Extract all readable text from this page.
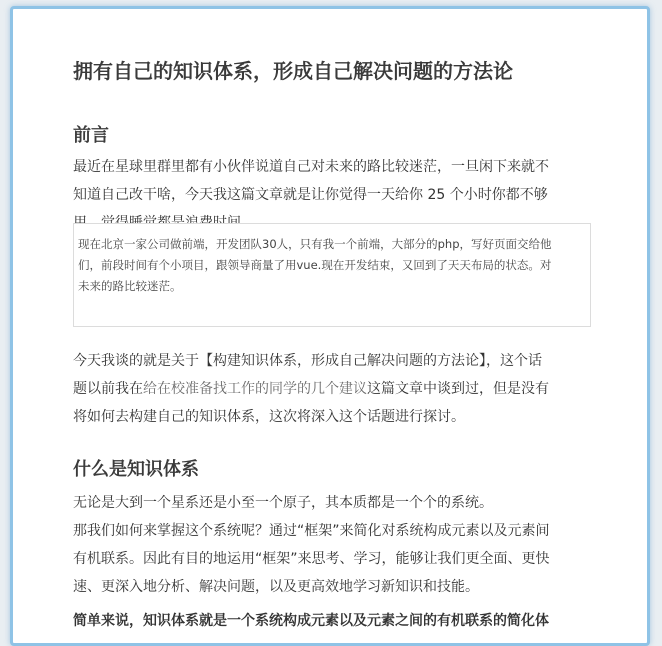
拥有自己的知识体系，形成自己解决问题的方法论
前言
最近在星球里群里都有小伙伴说道自己对未来的路比较迷茫，一旦闲下来就不
知道自己改干啥，今天我这篇文章就是让你觉得一天给你 25 个小时你都不够
现在北京一家公司做前端，开发团队30人，只有我一个前端，大部分的php，写好页面交给他
们，前段时间有个小项目，跟领导商量了用vue.现在开发结束，又回到了天天布局的状态。对
未来的路比较迷茫。
今天我谈的就是关于【构建知识体系，形成自己解决问题的方法论】，这个话
题以前我在给在校准备找工作的同学的几个建议这篇文章中谈到过，但是没有
将如何去构建自己的知识体系，这次将深入这个话题进行探讨。
什么是知识体系
无论是大到一个星系还是小至一个原子，其本质都是一个个的系统。
那我们如何来掌握这个系统呢？通过“框架”来简化对系统构成元素以及元素间
有机联系。因此有目的地运用“框架”来思考、学习，能够让我们更全面、更快
速、更深入地分析、解决问题，以及更高效地学习新知识和技能。
简单来说，知识体系就是一个系统构成元素以及元素之间的有机联系的简化体
